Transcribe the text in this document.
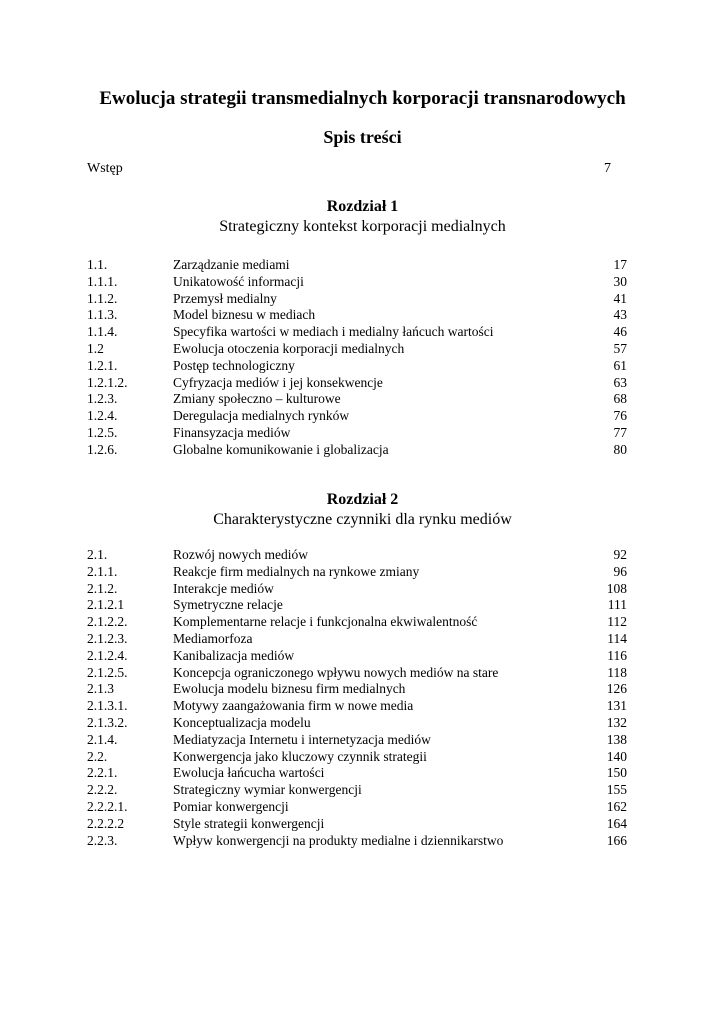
Ewolucja strategii transmedialnych korporacji transnarodowych
Spis treści
Wstęp	7
Rozdział 1
Strategiczny kontekst korporacji medialnych
1.1.	Zarządzanie mediami	17
1.1.1.	Unikatowość informacji	30
1.1.2.	Przemysł medialny	41
1.1.3.	Model biznesu w mediach	43
1.1.4.	Specyfika wartości w mediach i medialny łańcuch wartości	46
1.2	Ewolucja otoczenia korporacji medialnych	57
1.2.1.	Postęp technologiczny	61
1.2.1.2.	Cyfryzacja mediów i jej konsekwencje	63
1.2.3.	Zmiany społeczno – kulturowe	68
1.2.4.	Deregulacja medialnych rynków	76
1.2.5.	Finansyzacja mediów	77
1.2.6.	Globalne komunikowanie i globalizacja	80
Rozdział 2
Charakterystyczne czynniki dla rynku mediów
2.1.	Rozwój nowych mediów	92
2.1.1.	Reakcje firm medialnych na rynkowe zmiany	96
2.1.2.	Interakcje mediów	108
2.1.2.1	Symetryczne relacje	111
2.1.2.2.	Komplementarne relacje i funkcjonalna ekwiwalentność	112
2.1.2.3.	Mediamorfoza	114
2.1.2.4.	Kanibalizacja mediów	116
2.1.2.5.	Koncepcja ograniczonego wpływu nowych mediów na stare	118
2.1.3	Ewolucja modelu biznesu firm medialnych	126
2.1.3.1.	Motywy zaangażowania firm w nowe media	131
2.1.3.2.	Konceptualizacja modelu	132
2.1.4.	Mediatyzacja Internetu i internetyzacja mediów	138
2.2.	Konwergencja jako kluczowy czynnik strategii	140
2.2.1.	Ewolucja łańcucha wartości	150
2.2.2.	Strategiczny wymiar konwergencji	155
2.2.2.1.	Pomiar konwergencji	162
2.2.2.2	Style strategii konwergencji	164
2.2.3.	Wpływ konwergencji na produkty medialne i dziennikarstwo	166
